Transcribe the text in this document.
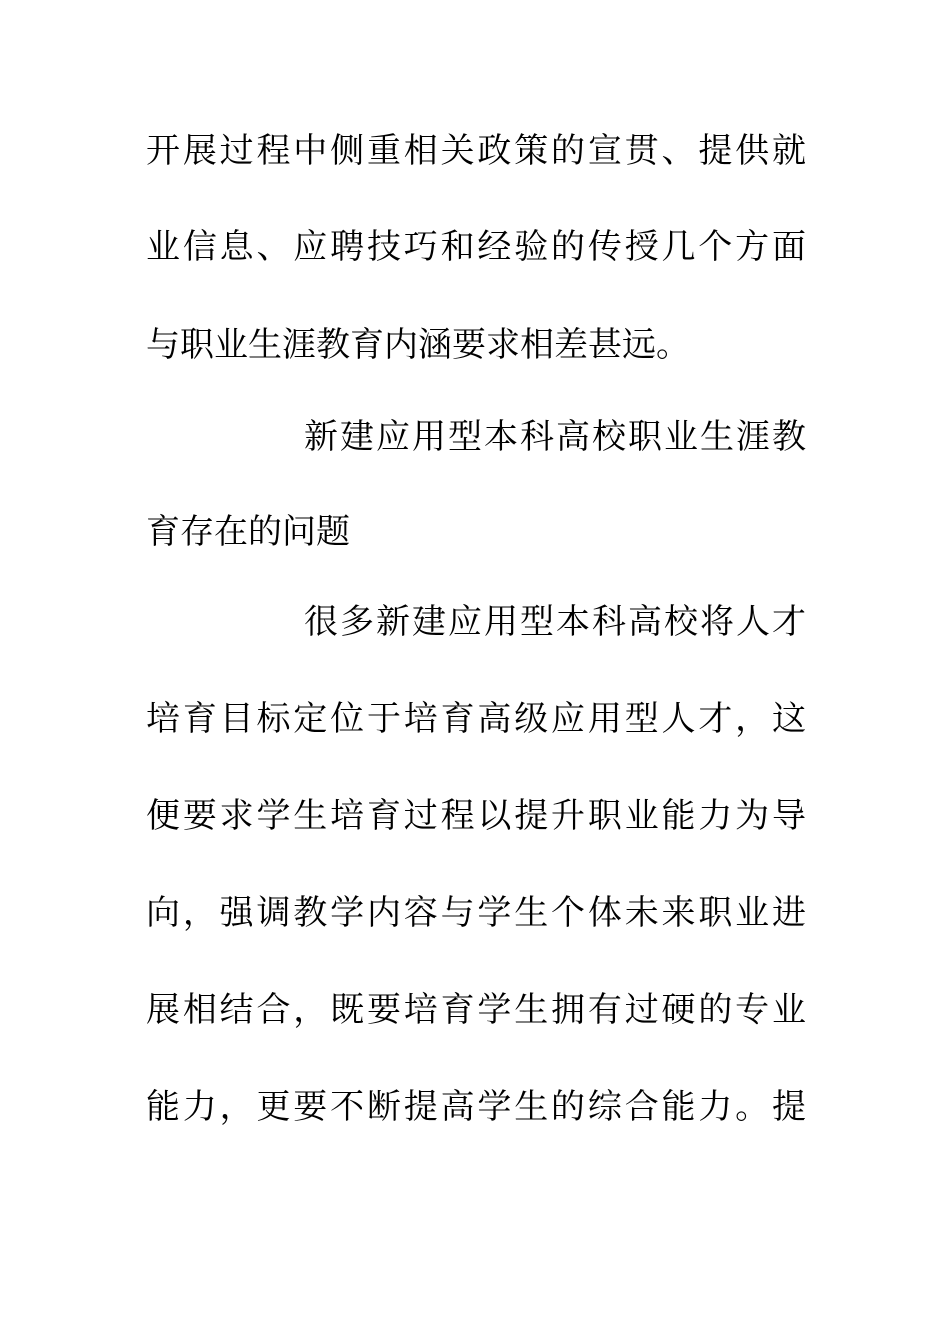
开展过程中侧重相关政策的宣贯、提供就
业信息、应聘技巧和经验的传授几个方面
与职业生涯教育内涵要求相差甚远。
新建应用型本科高校职业生涯教
育存在的问题
很多新建应用型本科高校将人才
培育目标定位于培育高级应用型人才，这
便要求学生培育过程以提升职业能力为导
向，强调教学内容与学生个体未来职业进
展相结合，既要培育学生拥有过硬的专业
能力，更要不断提高学生的综合能力。提
